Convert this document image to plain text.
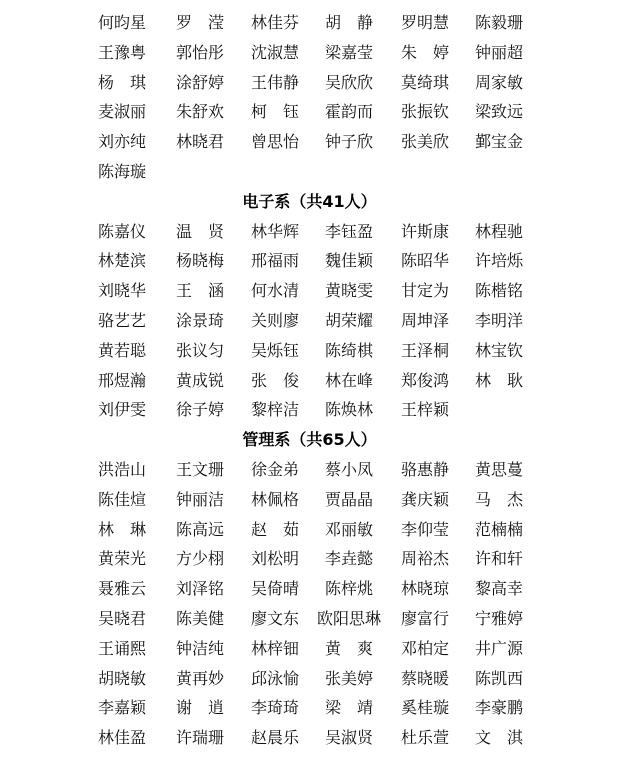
何昀星	罗　滢	林佳芬	胡　静	罗明慧	陈毅珊
王豫粤	郭怡彤	沈淑慧	梁嘉莹	朱　婷	钟丽超
杨　琪	涂舒婷	王伟静	吴欣欣	莫绮琪	周家敏
麦淑丽	朱舒欢	柯　钰	霍韵而	张振钦	梁致远
刘亦纯	林晓君	曾思怡	钟子欣	张美欣	鄞宝金
陈海璇
电子系（共41人）
陈嘉仪	温　贤	林华辉	李钰盈	许斯康	林程驰
林楚滨	杨晓梅	邢福雨	魏佳颖	陈昭华	许培烁
刘晓华	王　涵	何水清	黄晓雯	甘定为	陈楷铭
骆艺艺	涂景琦	关则廖	胡荣耀	周坤泽	李明洋
黄若聪	张议匀	吴烁钰	陈绮棋	王泽桐	林宝钦
邢煜瀚	黄成锐	张　俊	林在峰	郑俊鸿	林　耿
刘伊雯	徐子婷	黎梓洁	陈焕林	王梓颖
管理系（共65人）
洪浩山	王文珊	徐金弟	蔡小凤	骆惠静	黄思蔓
陈佳煊	钟丽洁	林佩格	贾晶晶	龚庆颖	马　杰
林　琳	陈高远	赵　茹	邓丽敏	李仰莹	范楠楠
黄荣光	方少栩	刘松明	李垚懿	周裕杰	许和轩
聂雅云	刘泽铭	吴倚晴	陈梓烑	林晓琼	黎高幸
吴晓君	陈美健	廖文东	欧阳思琳	廖富行	宁雅婷
王诵熙	钟洁纯	林梓钿	黄　爽	邓柏定	井广源
胡晓敏	黄再妙	邱泳愉	张美婷	蔡晓暖	陈凯西
李嘉颖	谢　逍	李琦琦	梁　靖	奚桂璇	李豪鹏
林佳盈	许瑞珊	赵晨乐	吴淑贤	杜乐萱	文　淇
